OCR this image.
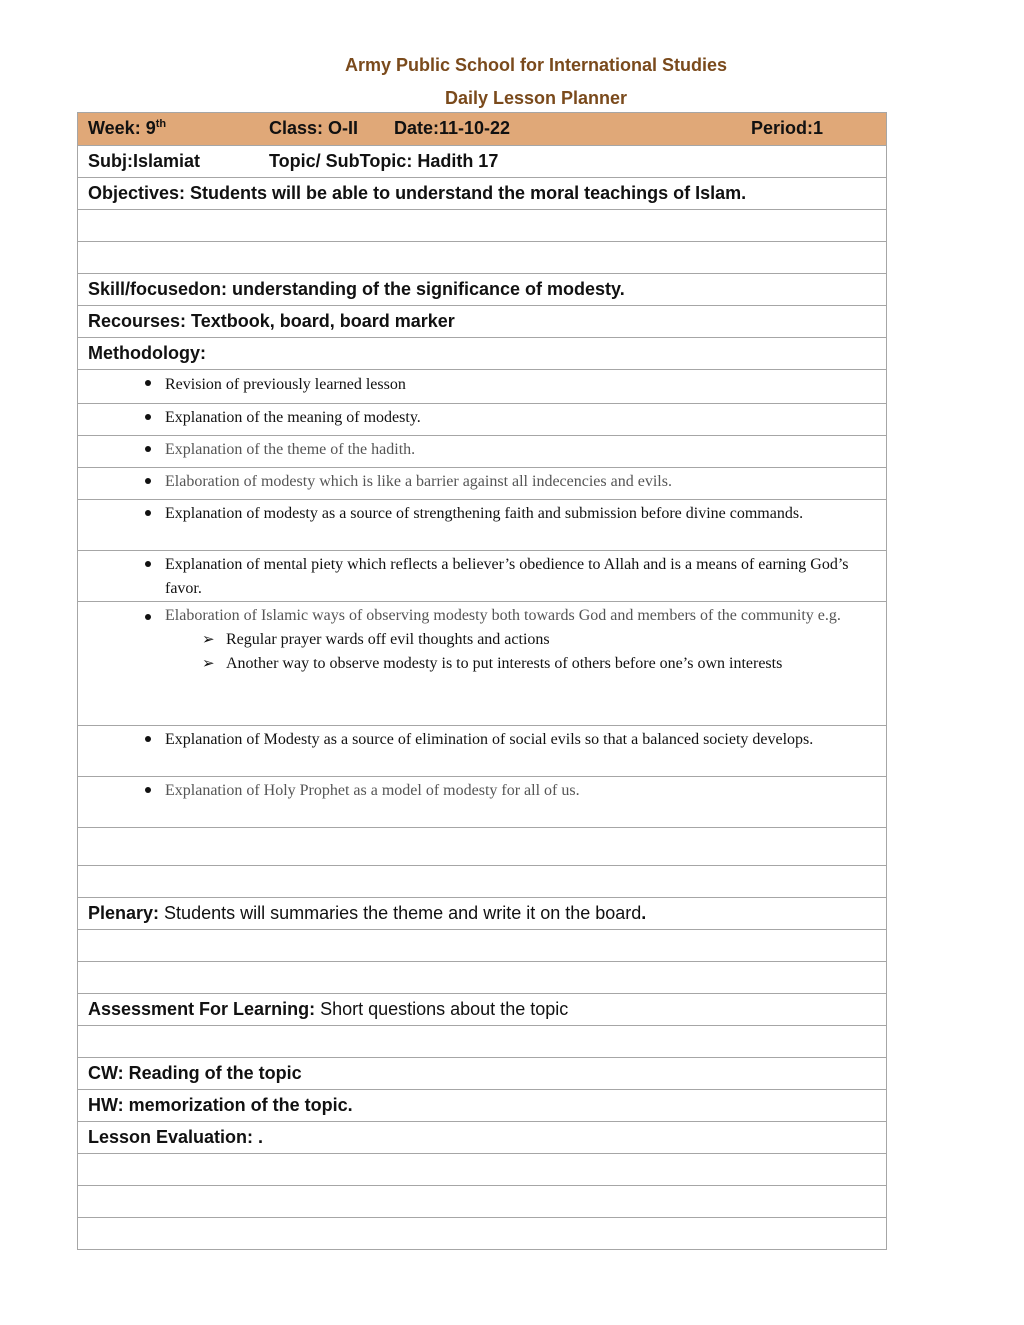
Army Public School for International Studies
Daily Lesson Planner
Week: 9th	Class: O-II	Date:11-10-22	Period:1

Subj:Islamiat	Topic/ SubTopic: Hadith 17

Objectives: Students will be able to understand the moral teachings of Islam.

Skill/focusedon: understanding of the significance of modesty.
Recourses: Textbook, board, board marker
Methodology:
Revision of previously learned lesson
Explanation of the meaning of modesty.
Explanation of the theme of the hadith.
Elaboration of modesty which is like a barrier against all indecencies and evils.
Explanation of modesty as a source of strengthening faith and submission before divine commands.
Explanation of mental piety which reflects a believer’s obedience to Allah and is a means of earning God’s favor.

Elaboration of Islamic ways of observing modesty both towards God and members of the community e.g.
➢ Regular prayer wards off evil thoughts and actions
➢ Another way to observe modesty is to put interests of others before one’s own interests

Explanation of Modesty as a source of elimination of social evils so that a balanced society develops.
Explanation of Holy Prophet as a model of modesty for all of us.

Plenary: Students will summaries the theme and write it on the board.

Assessment For Learning: Short questions about the topic

CW: Reading of the topic
HW: memorization of the topic.
Lesson Evaluation: .
